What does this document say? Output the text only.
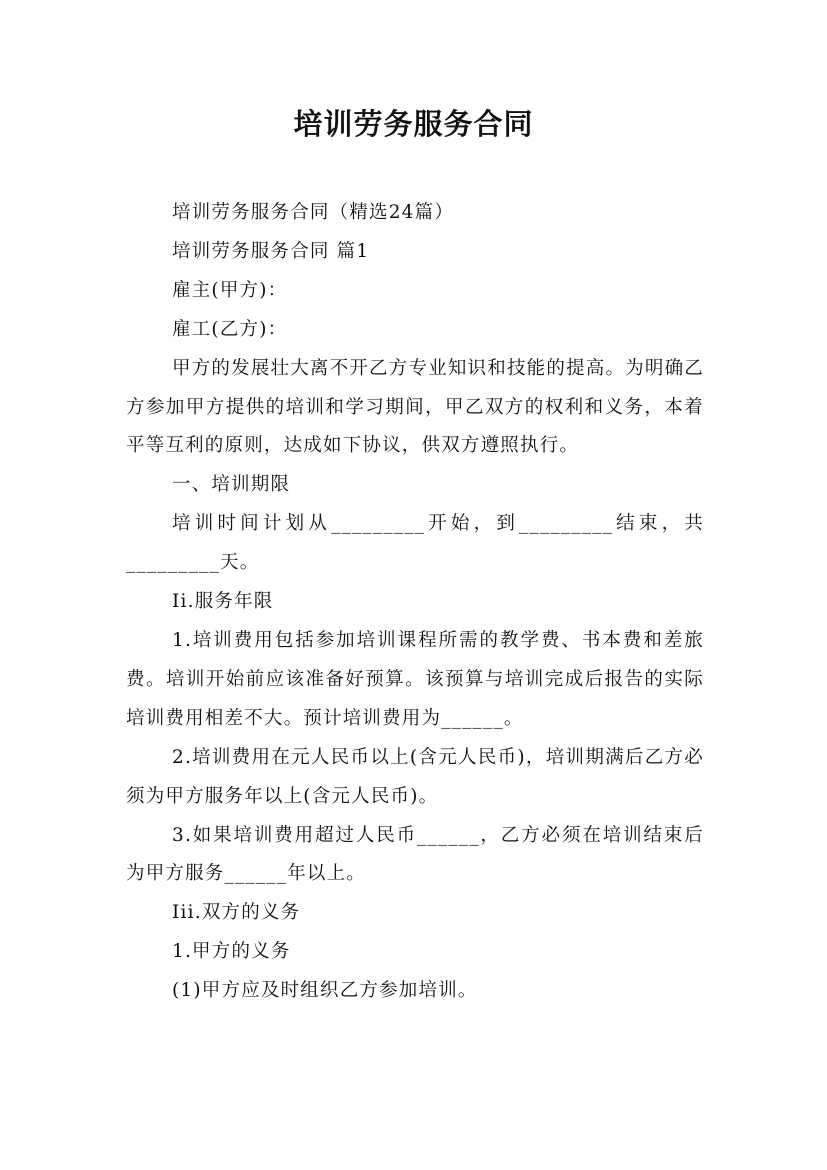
培训劳务服务合同

培训劳务服务合同（精选24篇）

培训劳务服务合同 篇1

雇主(甲方)：

雇工(乙方)：

甲方的发展壮大离不开乙方专业知识和技能的提高。为明确乙方参加甲方提供的培训和学习期间，甲乙双方的权利和义务，本着平等互利的原则，达成如下协议，供双方遵照执行。

一、培训期限

培训时间计划从_________开始，到_________结束，共_________天。

Ii.服务年限

1.培训费用包括参加培训课程所需的教学费、书本费和差旅费。培训开始前应该准备好预算。该预算与培训完成后报告的实际培训费用相差不大。预计培训费用为______。

2.培训费用在元人民币以上(含元人民币)，培训期满后乙方必须为甲方服务年以上(含元人民币)。

3.如果培训费用超过人民币______，乙方必须在培训结束后为甲方服务______年以上。

Iii.双方的义务

1.甲方的义务

(1)甲方应及时组织乙方参加培训。
